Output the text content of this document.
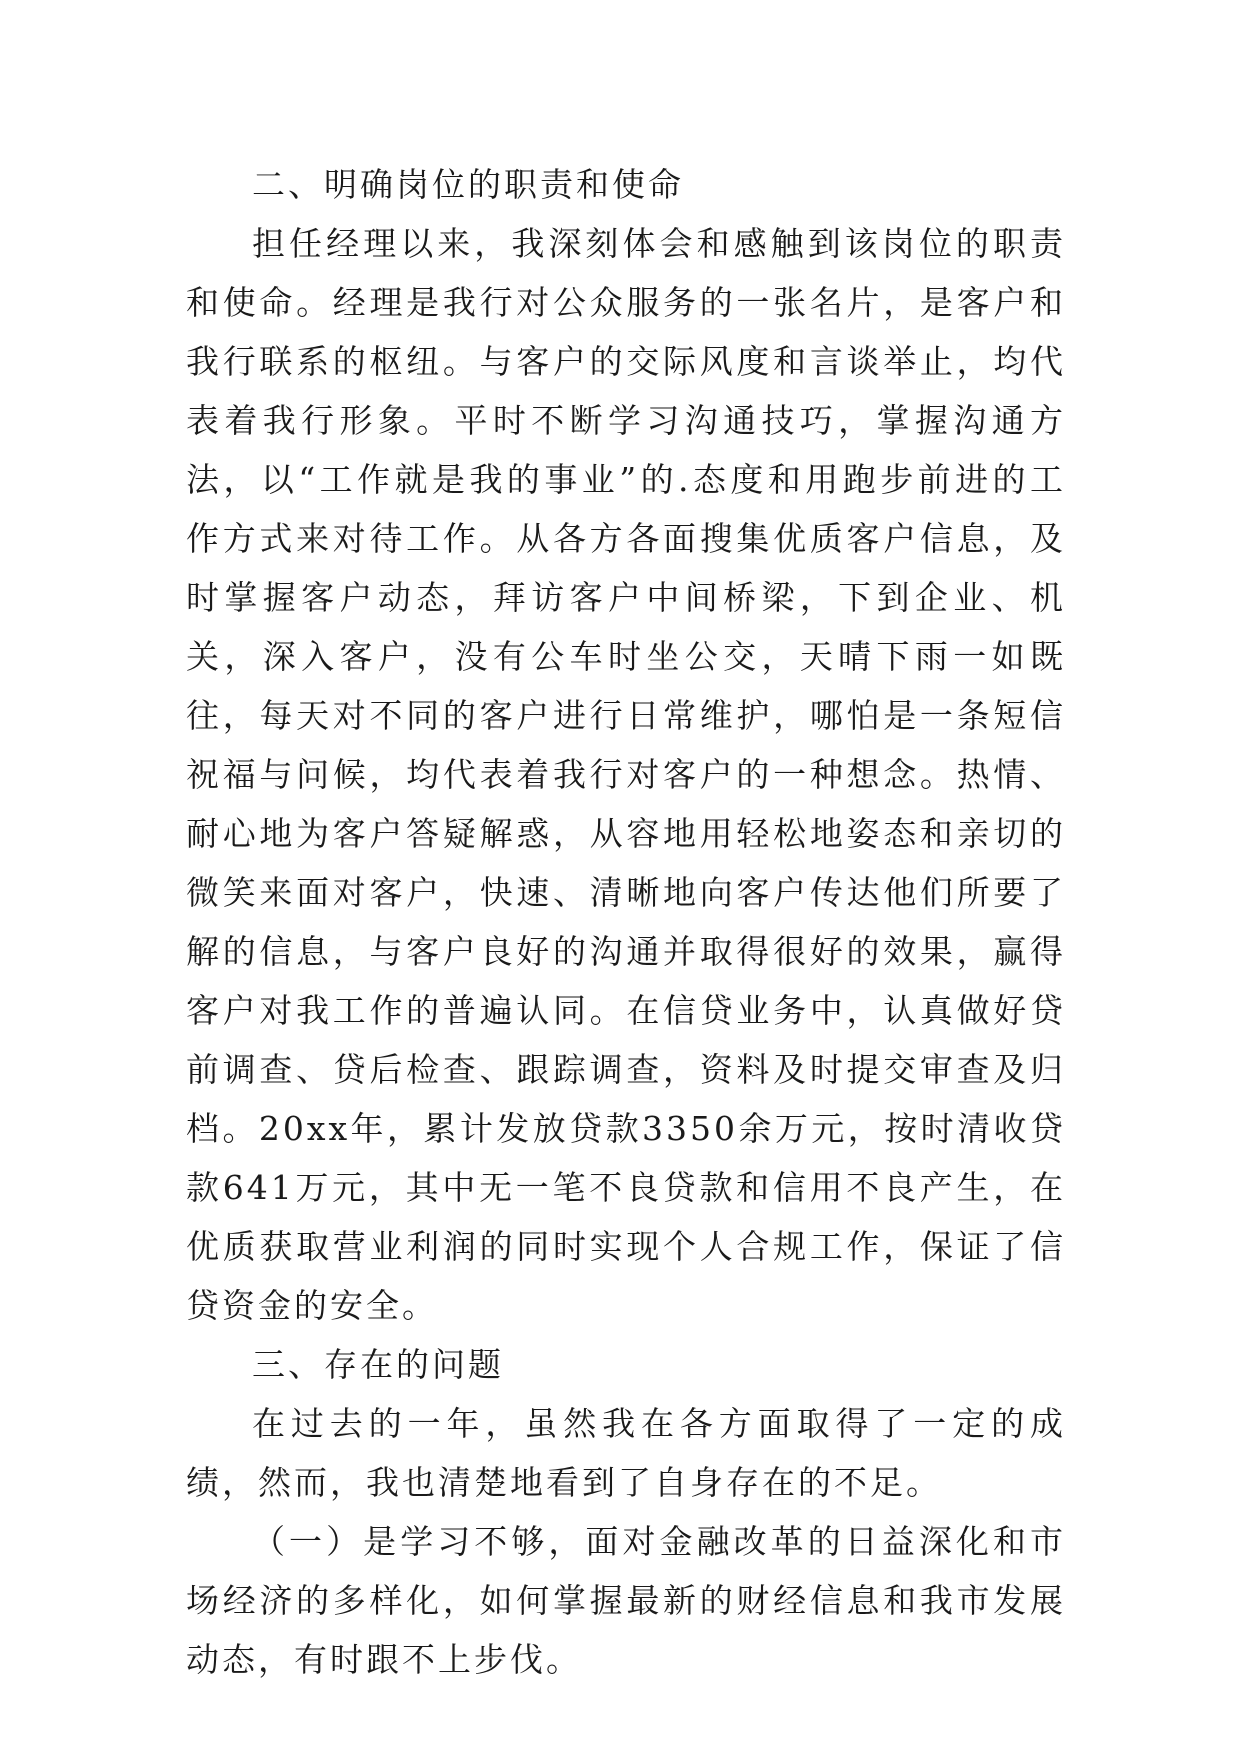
二、明确岗位的职责和使命

担任经理以来，我深刻体会和感触到该岗位的职责和使命。经理是我行对公众服务的一张名片，是客户和我行联系的枢纽。与客户的交际风度和言谈举止，均代表着我行形象。平时不断学习沟通技巧，掌握沟通方法，以“工作就是我的事业”的.态度和用跑步前进的工作方式来对待工作。从各方各面搜集优质客户信息，及时掌握客户动态，拜访客户中间桥梁，下到企业、机关，深入客户，没有公车时坐公交，天晴下雨一如既往，每天对不同的客户进行日常维护，哪怕是一条短信祝福与问候，均代表着我行对客户的一种想念。热情、耐心地为客户答疑解惑，从容地用轻松地姿态和亲切的微笑来面对客户，快速、清晰地向客户传达他们所要了解的信息，与客户良好的沟通并取得很好的效果，赢得客户对我工作的普遍认同。在信贷业务中，认真做好贷前调查、贷后检查、跟踪调查，资料及时提交审查及归档。20xx年，累计发放贷款3350余万元，按时清收贷款641万元，其中无一笔不良贷款和信用不良产生，在优质获取营业利润的同时实现个人合规工作，保证了信贷资金的安全。

三、存在的问题

在过去的一年，虽然我在各方面取得了一定的成绩，然而，我也清楚地看到了自身存在的不足。

（一）是学习不够，面对金融改革的日益深化和市场经济的多样化，如何掌握最新的财经信息和我市发展动态，有时跟不上步伐。
